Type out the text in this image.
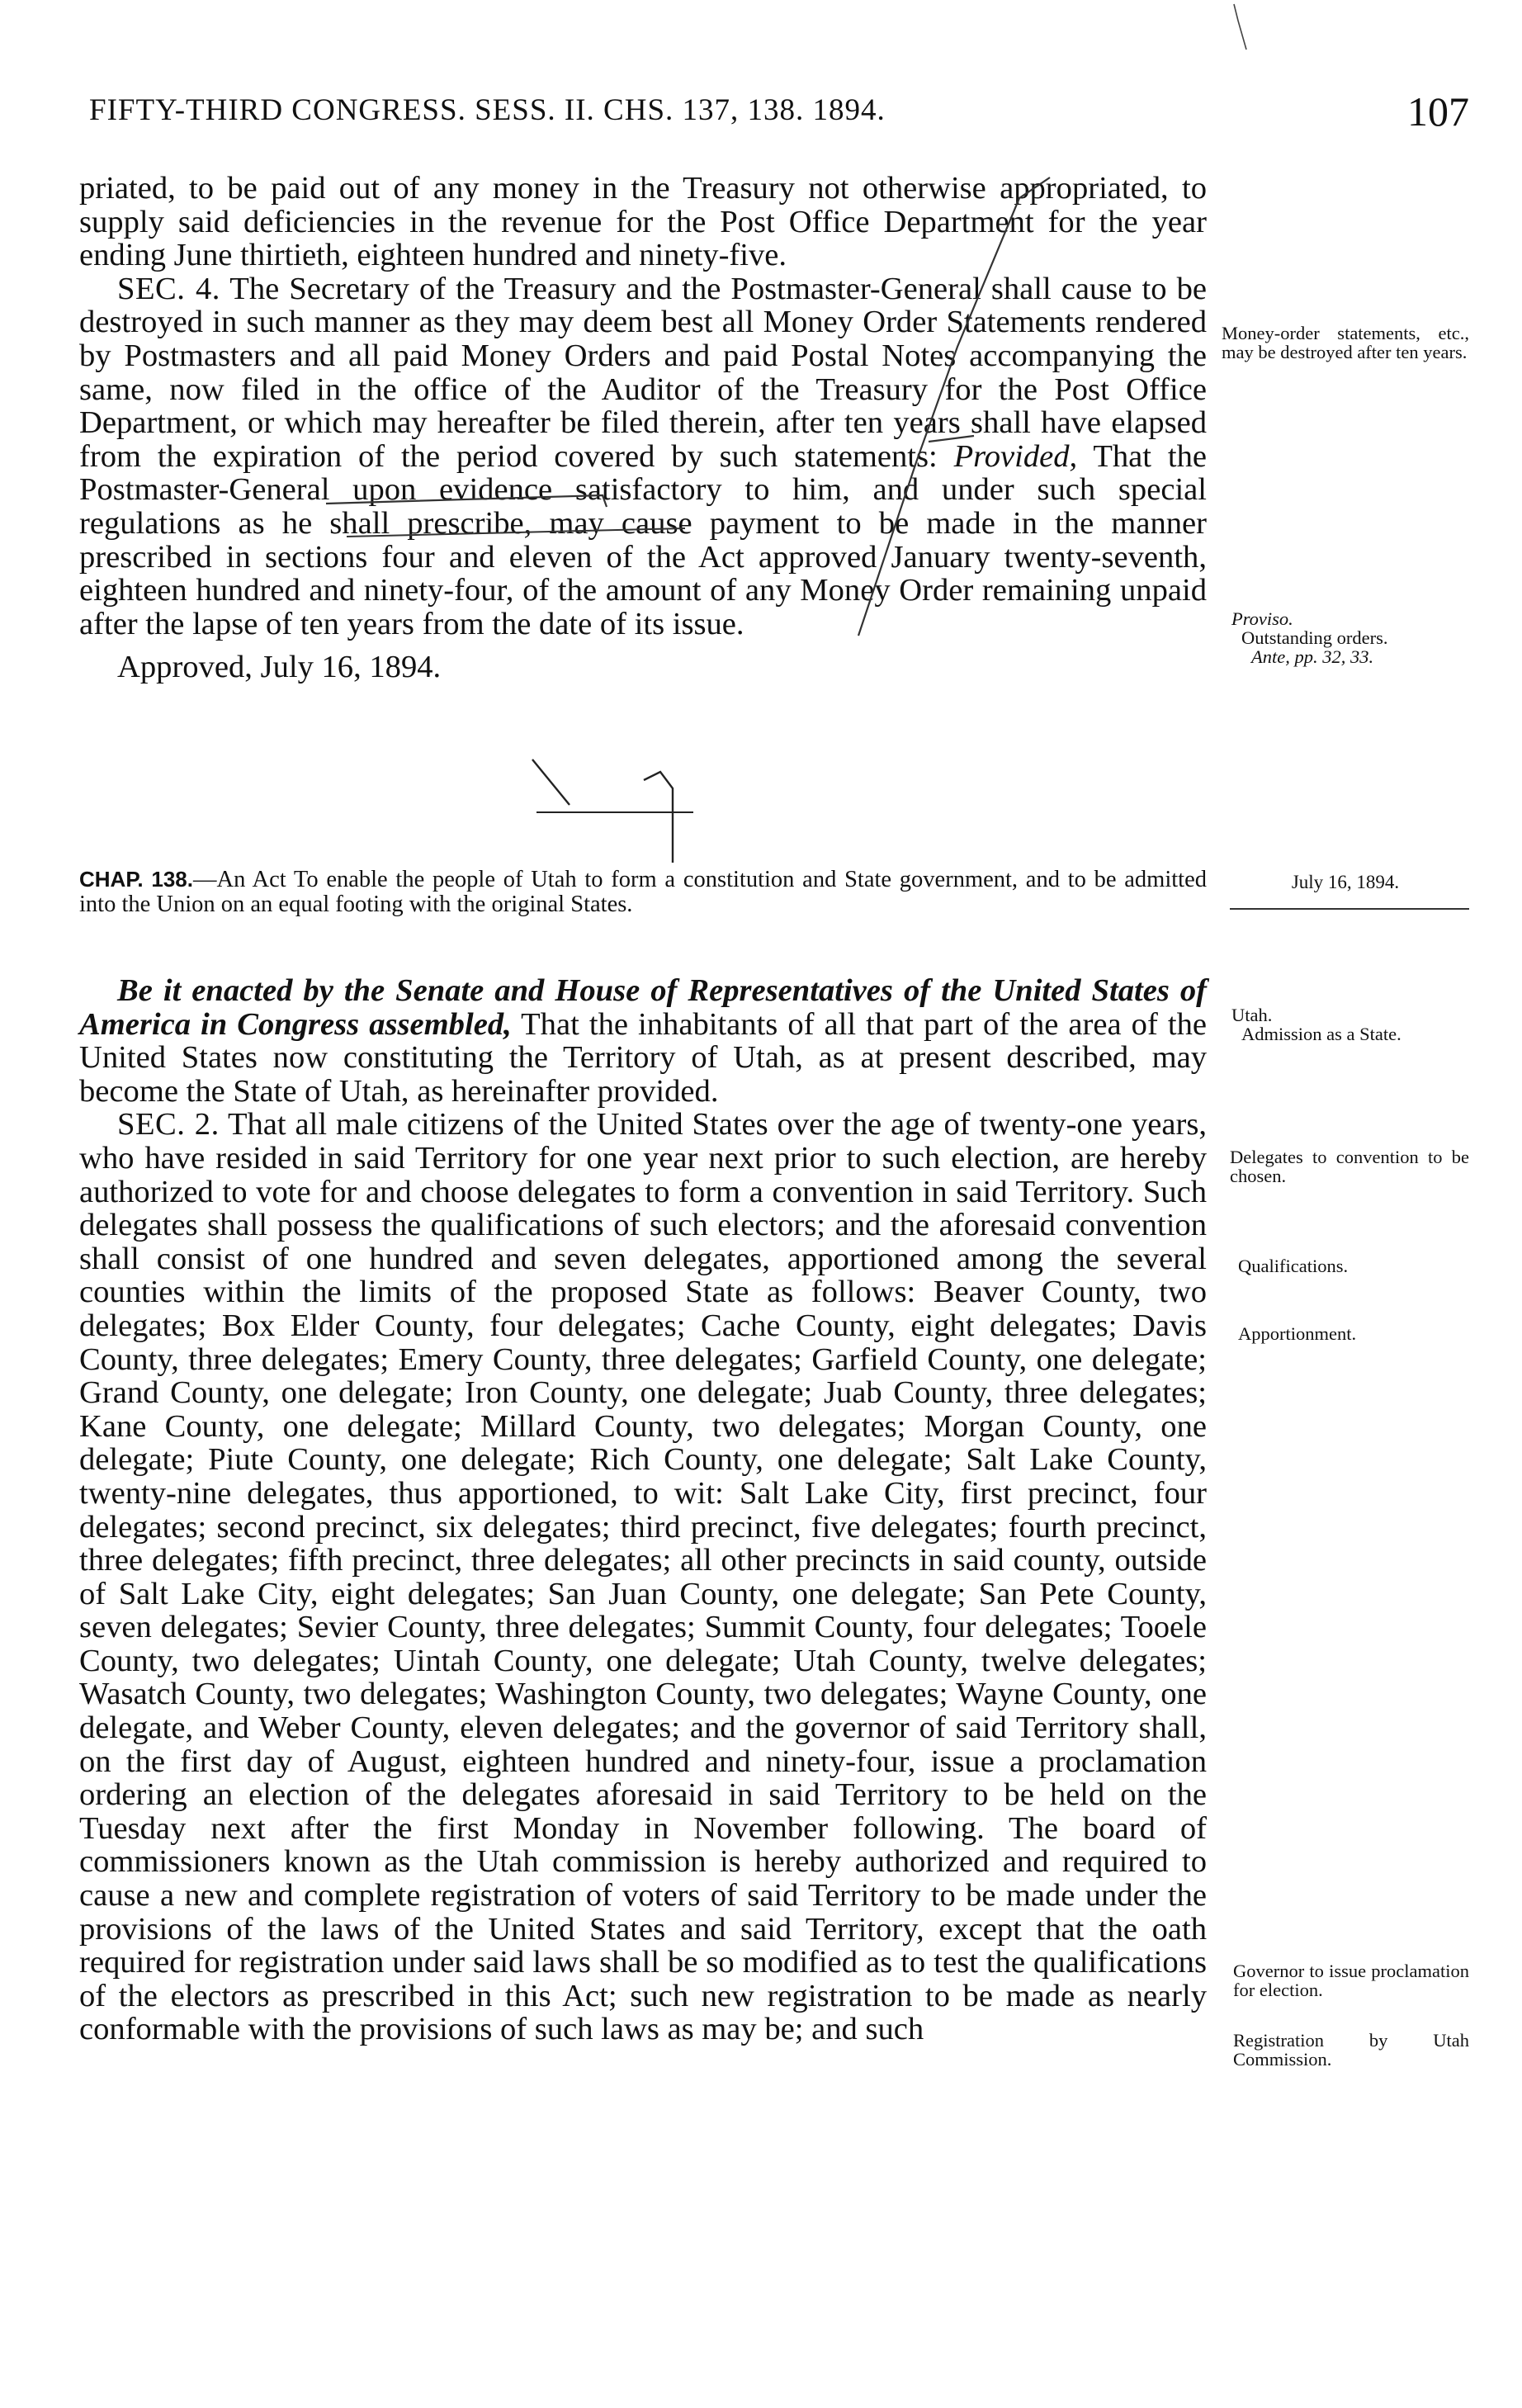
FIFTY-THIRD CONGRESS. SESS. II. CHS. 137, 138. 1894.	107

priated, to be paid out of any money in the Treasury not otherwise appropriated, to supply said deficiencies in the revenue for the Post Office Department for the year ending June thirtieth, eighteen hundred and ninety-five.

SEC. 4. The Secretary of the Treasury and the Postmaster-General shall cause to be destroyed in such manner as they may deem best all Money Order Statements rendered by Postmasters and all paid Money Orders and paid Postal Notes accompanying the same, now filed in the office of the Auditor of the Treasury for the Post Office Department, or which may hereafter be filed therein, after ten years shall have elapsed from the expiration of the period covered by such statements: Provided, That the Postmaster-General upon evidence satisfactory to him, and under such special regulations as he shall prescribe, may cause payment to be made in the manner prescribed in sections four and eleven of the Act approved January twenty-seventh, eighteen hundred and ninety-four, of the amount of any Money Order remaining unpaid after the lapse of ten years from the date of its issue.

Approved, July 16, 1894.

Money-order statements, etc., may be destroyed after ten years.

Proviso.

Outstanding orders.

Ante, pp. 32, 33.

CHAP. 138.—An Act To enable the people of Utah to form a constitution and State government, and to be admitted into the Union on an equal footing with the original States.
July 16, 1894.

Be it enacted by the Senate and House of Representatives of the United States of America in Congress assembled, That the inhabitants of all that part of the area of the United States now constituting the Territory of Utah, as at present described, may become the State of Utah, as hereinafter provided.

SEC. 2. That all male citizens of the United States over the age of twenty-one years, who have resided in said Territory for one year next prior to such election, are hereby authorized to vote for and choose delegates to form a convention in said Territory. Such delegates shall possess the qualifications of such electors; and the aforesaid convention shall consist of one hundred and seven delegates, apportioned among the several counties within the limits of the proposed State as follows: Beaver County, two delegates; Box Elder County, four delegates; Cache County, eight delegates; Davis County, three delegates; Emery County, three delegates; Garfield County, one delegate; Grand County, one delegate; Iron County, one delegate; Juab County, three delegates; Kane County, one delegate; Millard County, two delegates; Morgan County, one delegate; Piute County, one delegate; Rich County, one delegate; Salt Lake County, twenty-nine delegates, thus apportioned, to wit: Salt Lake City, first precinct, four delegates; second precinct, six delegates; third precinct, five delegates; fourth precinct, three delegates; fifth precinct, three delegates; all other precincts in said county, outside of Salt Lake City, eight delegates; San Juan County, one delegate; San Pete County, seven delegates; Sevier County, three delegates; Summit County, four delegates; Tooele County, two delegates; Uintah County, one delegate; Utah County, twelve delegates; Wasatch County, two delegates; Washington County, two delegates; Wayne County, one delegate, and Weber County, eleven delegates; and the governor of said Territory shall, on the first day of August, eighteen hundred and ninety-four, issue a proclamation ordering an election of the delegates aforesaid in said Territory to be held on the Tuesday next after the first Monday in November following. The board of commissioners known as the Utah commission is hereby authorized and required to cause a new and complete registration of voters of said Territory to be made under the provisions of the laws of the United States and said Territory, except that the oath required for registration under said laws shall be so modified as to test the qualifications of the electors as prescribed in this Act; such new registration to be made as nearly conformable with the provisions of such laws as may be; and such

Utah.

Admission as a State.

Delegates to convention to be chosen.
Qualifications.
Apportionment.
Governor to issue proclamation for election.
Registration by Utah Commission.
